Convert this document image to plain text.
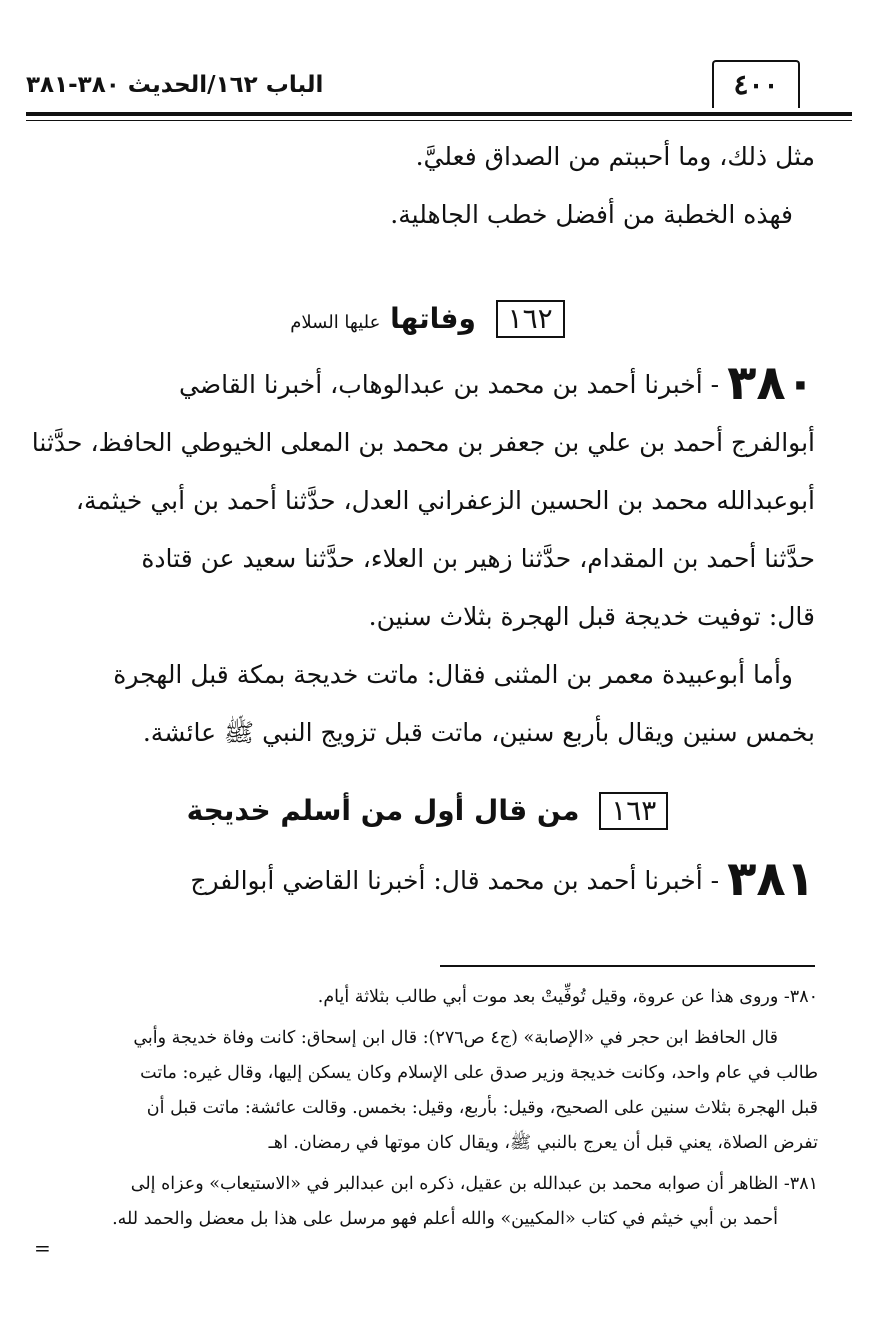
٤٠٠
الباب ١٦٢/الحديث ٣٨٠-٣٨١
مثل ذلك، وما أحببتم من الصداق فعليَّ.
فهذه الخطبة من أفضل خطب الجاهلية.
١٦٢ وفاتها عليها السلام
٣٨٠- أخبرنا أحمد بن محمد بن عبدالوهاب، أخبرنا القاضي
أبوالفرج أحمد بن علي بن جعفر بن محمد بن المعلى الخيوطي الحافظ، حدَّثنا
أبوعبدالله محمد بن الحسين الزعفراني العدل، حدَّثنا أحمد بن أبي خيثمة،
حدَّثنا أحمد بن المقدام، حدَّثنا زهير بن العلاء، حدَّثنا سعيد عن قتادة
قال: توفيت خديجة قبل الهجرة بثلاث سنين.
وأما أبوعبيدة معمر بن المثنى فقال: ماتت خديجة بمكة قبل الهجرة
بخمس سنين ويقال بأربع سنين، ماتت قبل تزويج النبي ﷺ عائشة.
١٦٣ من قال أول من أسلم خديجة
٣٨١- أخبرنا أحمد بن محمد قال: أخبرنا القاضي أبوالفرج
٣٨٠- وروى هذا عن عروة، وقيل تُوفِّيتْ بعد موت أبي طالب بثلاثة أيام.
قال الحافظ ابن حجر في «الإصابة» (ج٤ ص٢٧٦): قال ابن إسحاق: كانت وفاة خديجة وأبي
طالب في عام واحد، وكانت خديجة وزير صدق على الإسلام وكان يسكن إليها، وقال غيره: ماتت
قبل الهجرة بثلاث سنين على الصحيح، وقيل: بأربع، وقيل: بخمس. وقالت عائشة: ماتت قبل أن
تفرض الصلاة، يعني قبل أن يعرج بالنبي ﷺ، ويقال كان موتها في رمضان. اهـ
٣٨١- الظاهر أن صوابه محمد بن عبدالله بن عقيل، ذكره ابن عبدالبر في «الاستيعاب» وعزاه إلى
أحمد بن أبي خيثم في كتاب «المكيين» والله أعلم فهو مرسل على هذا بل معضل والحمد لله.
=
